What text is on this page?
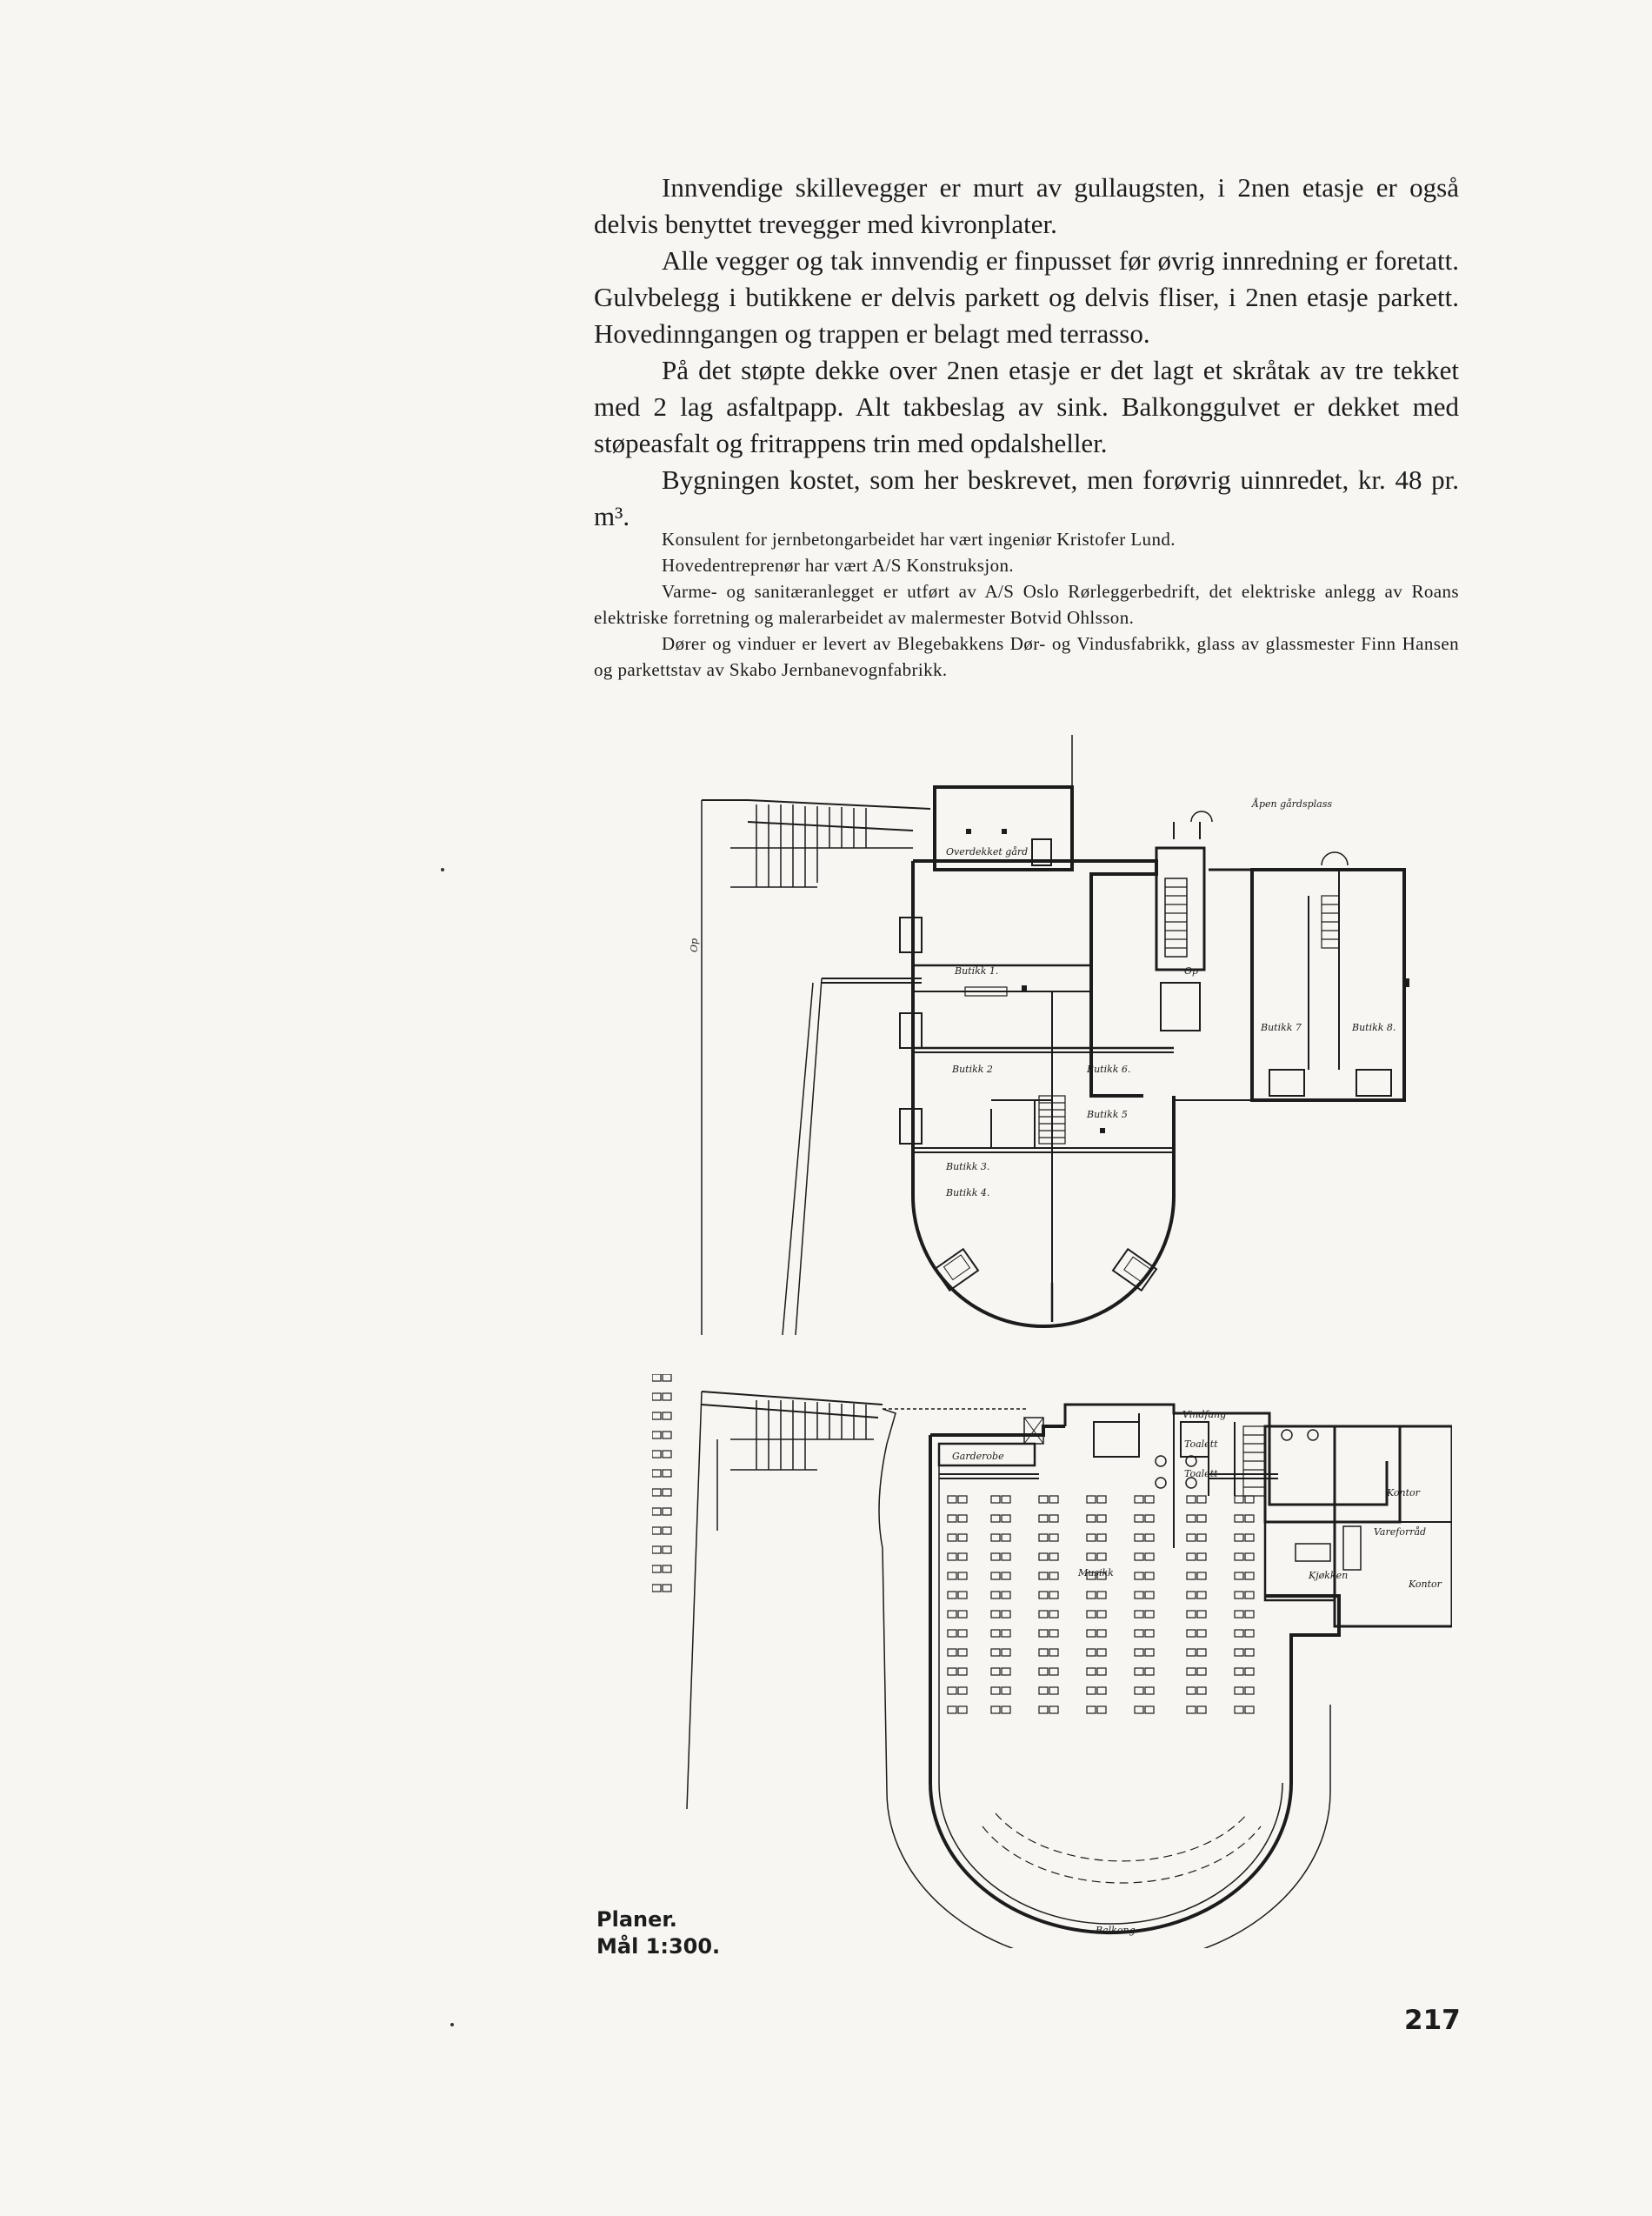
Innvendige skillevegger er murt av gullaugsten, i 2nen etasje er også delvis benyttet trevegger med kivronplater.

Alle vegger og tak innvendig er finpusset før øvrig innredning er foretatt. Gulvbelegg i butikkene er delvis parkett og delvis fliser, i 2nen etasje parkett. Hovedinngangen og trappen er belagt med terrasso.

På det støpte dekke over 2nen etasje er det lagt et skråtak av tre tekket med 2 lag asfaltpapp. Alt takbeslag av sink. Balkonggulvet er dekket med støpeasfalt og fritrappens trin med opdalsheller.

Bygningen kostet, som her beskrevet, men forøvrig uinnredet, kr. 48 pr. m³.

Konsulent for jernbetongarbeidet har vært ingeniør Kristofer Lund.

Hovedentreprenør har vært A/S Konstruksjon.

Varme- og sanitæranlegget er utført av A/S Oslo Rørleggerbedrift, det elektriske anlegg av Roans elektriske forretning og malerarbeidet av malermester Botvid Ohlsson.

Dører og vinduer er levert av Blegebakkens Dør- og Vindusfabrikk, glass av glassmester Finn Hansen og parkettstav av Skabo Jernbanevognfabrikk.

Åpen gårdsplass
Overdekket gård
Op
Op
Butikk 1.
Butikk 2
Butikk 3.
Butikk 4.
Butikk 5
Butikk 6.
Butikk 7	Butikk 8.
Vindfang
Toalett
Toalett
Garderobe
Musikk
Kontor
Kontor
Vareforråd
Kjøkken
Balkong
Planer.
Mål 1:300.
217
